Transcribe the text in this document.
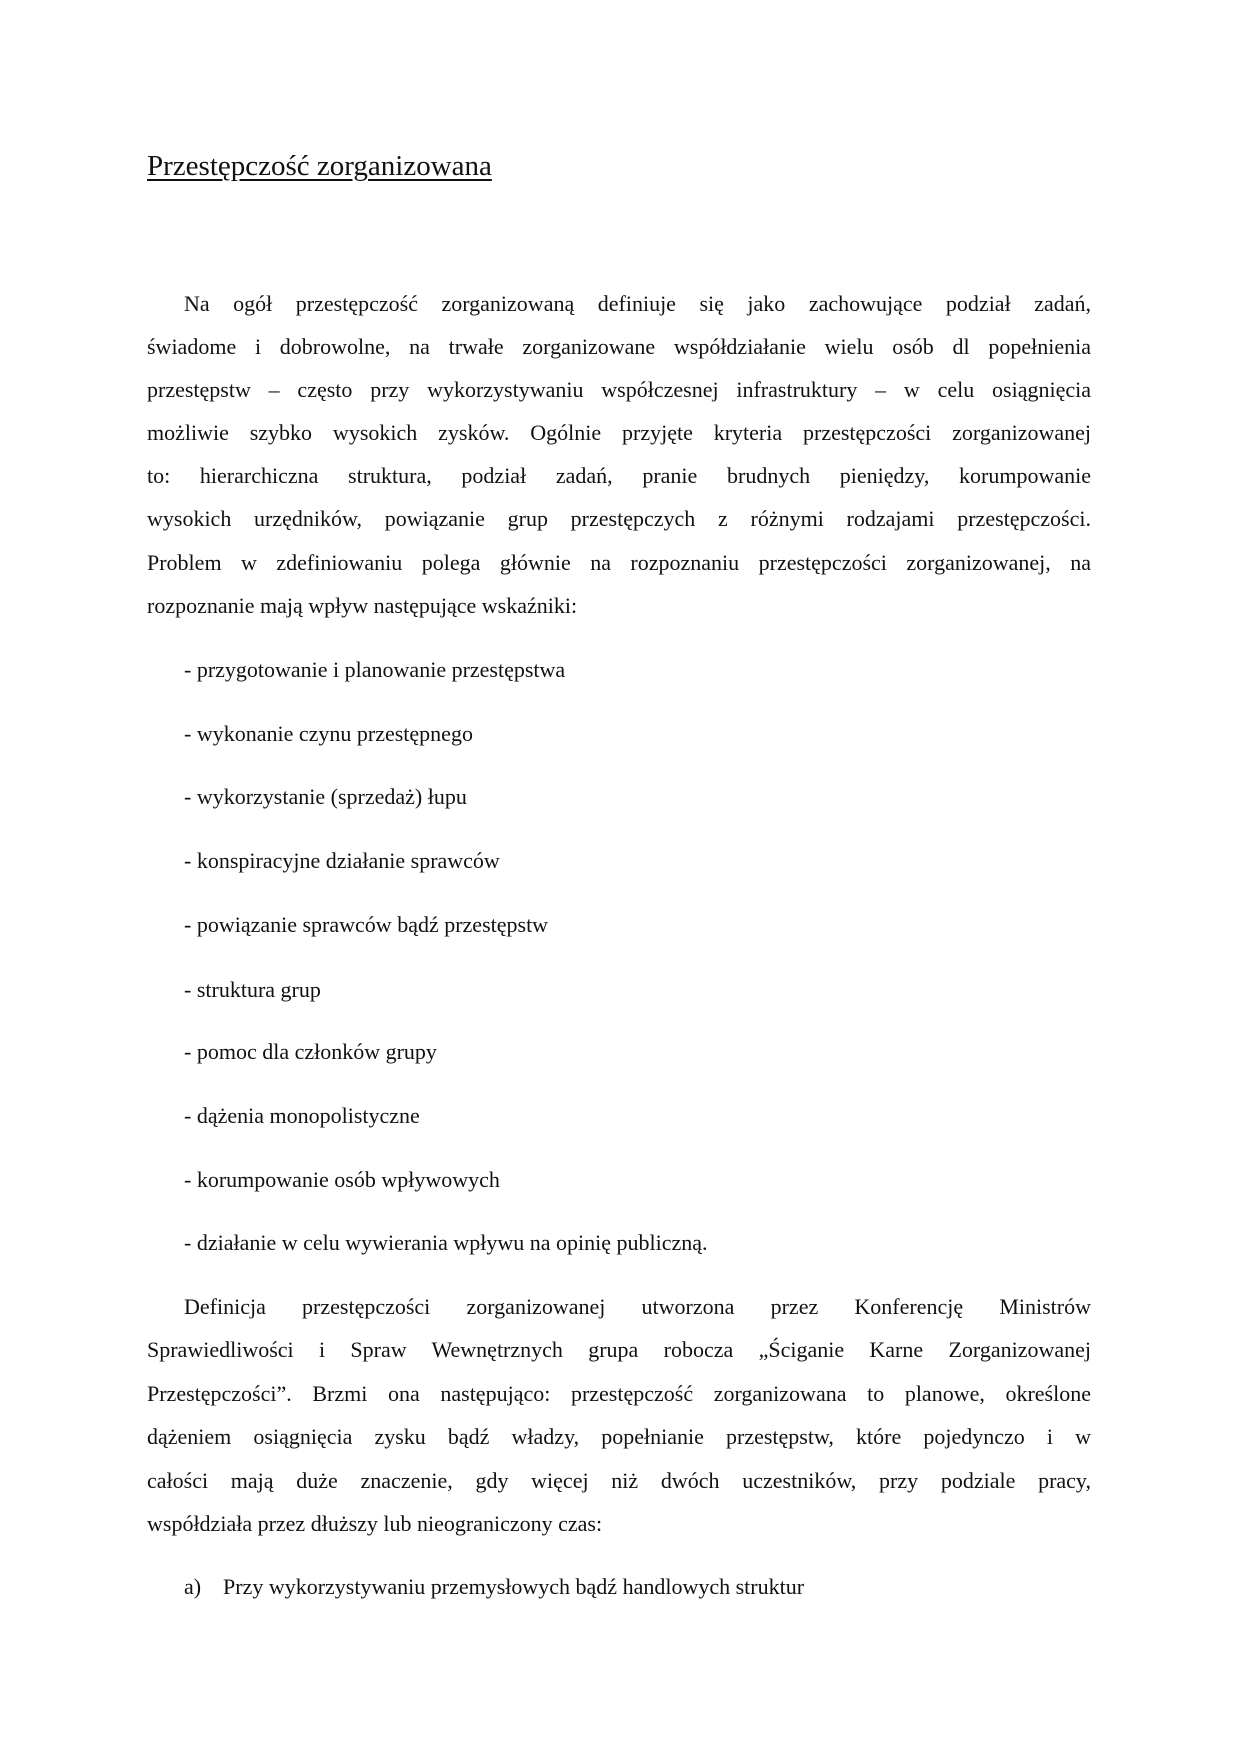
Przestępczość zorganizowana
Na ogół przestępczość zorganizowaną definiuje się jako zachowujące podział zadań,
świadome i dobrowolne, na trwałe zorganizowane współdziałanie wielu osób dl popełnienia
przestępstw – często przy wykorzystywaniu współczesnej infrastruktury – w celu osiągnięcia
możliwie szybko wysokich zysków. Ogólnie przyjęte kryteria przestępczości zorganizowanej
to: hierarchiczna struktura, podział zadań, pranie brudnych pieniędzy, korumpowanie
wysokich urzędników, powiązanie grup przestępczych z różnymi rodzajami przestępczości.
Problem w zdefiniowaniu polega głównie na rozpoznaniu przestępczości zorganizowanej, na
rozpoznanie mają wpływ następujące wskaźniki:
- przygotowanie i planowanie przestępstwa
- wykonanie czynu przestępnego
- wykorzystanie (sprzedaż) łupu
- konspiracyjne działanie sprawców
- powiązanie sprawców bądź przestępstw
- struktura grup
- pomoc dla członków grupy
- dążenia monopolistyczne
- korumpowanie osób wpływowych
- działanie w celu wywierania wpływu na opinię publiczną.
Definicja przestępczości zorganizowanej utworzona przez Konferencję Ministrów
Sprawiedliwości i Spraw Wewnętrznych grupa robocza „Ściganie Karne Zorganizowanej
Przestępczości”. Brzmi ona następująco: przestępczość zorganizowana to planowe, określone
dążeniem osiągnięcia zysku bądź władzy, popełnianie przestępstw, które pojedynczo i w
całości mają duże znaczenie, gdy więcej niż dwóch uczestników, przy podziale pracy,
współdziała przez dłuższy lub nieograniczony czas:
a) Przy wykorzystywaniu przemysłowych bądź handlowych struktur
